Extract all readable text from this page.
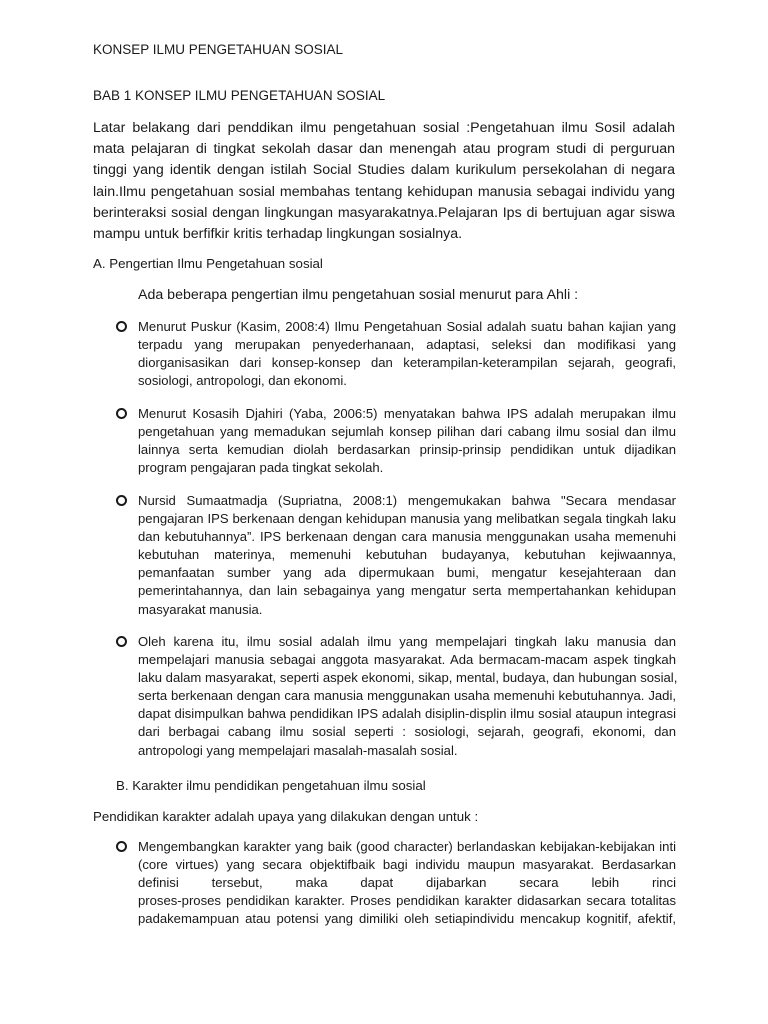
KONSEP ILMU PENGETAHUAN SOSIAL
BAB 1 KONSEP ILMU PENGETAHUAN SOSIAL
Latar belakang dari penddikan ilmu pengetahuan sosial :Pengetahuan ilmu Sosil adalah
mata pelajaran di tingkat sekolah dasar dan menengah atau program studi di perguruan
tinggi yang identik dengan istilah Social Studies dalam kurikulum persekolahan di negara
lain.Ilmu pengetahuan sosial membahas tentang kehidupan manusia sebagai individu yang
berinteraksi sosial dengan lingkungan masyarakatnya.Pelajaran Ips di bertujuan agar siswa
mampu untuk berfifkir kritis terhadap lingkungan sosialnya.
A. Pengertian Ilmu Pengetahuan sosial
Ada beberapa pengertian ilmu pengetahuan sosial menurut para Ahli :
Menurut Puskur (Kasim, 2008:4) Ilmu Pengetahuan Sosial adalah suatu bahan kajian yang
terpadu yang merupakan penyederhanaan, adaptasi, seleksi dan modifikasi yang
diorganisasikan dari konsep-konsep dan keterampilan-keterampilan sejarah, geografi,
sosiologi, antropologi, dan ekonomi.
Menurut Kosasih Djahiri (Yaba, 2006:5) menyatakan bahwa IPS adalah merupakan ilmu
pengetahuan yang memadukan sejumlah konsep pilihan dari cabang ilmu sosial dan ilmu
lainnya serta kemudian diolah berdasarkan prinsip-prinsip pendidikan untuk dijadikan
program pengajaran pada tingkat sekolah.
Nursid Sumaatmadja (Supriatna, 2008:1) mengemukakan bahwa "Secara mendasar
pengajaran IPS berkenaan dengan kehidupan manusia yang melibatkan segala tingkah laku
dan kebutuhannya”. IPS berkenaan dengan cara manusia menggunakan usaha memenuhi
kebutuhan materinya, memenuhi kebutuhan budayanya, kebutuhan kejiwaannya,
pemanfaatan sumber yang ada dipermukaan bumi, mengatur kesejahteraan dan
pemerintahannya, dan lain sebagainya yang mengatur serta mempertahankan kehidupan
masyarakat manusia.
Oleh karena itu, ilmu sosial adalah ilmu yang mempelajari tingkah laku manusia dan
mempelajari manusia sebagai anggota masyarakat. Ada bermacam-macam aspek tingkah
laku dalam masyarakat, seperti aspek ekonomi, sikap, mental, budaya, dan hubungan sosial,
serta berkenaan dengan cara manusia menggunakan usaha memenuhi kebutuhannya. Jadi,
dapat disimpulkan bahwa pendidikan IPS adalah disiplin-displin ilmu sosial ataupun integrasi
dari berbagai cabang ilmu sosial seperti : sosiologi, sejarah, geografi, ekonomi, dan
antropologi yang mempelajari masalah-masalah sosial.
B. Karakter ilmu pendidikan pengetahuan ilmu sosial
Pendidikan karakter adalah upaya yang dilakukan dengan untuk :
Mengembangkan karakter yang baik (good character) berlandaskan kebijakan-kebijakan inti
(core virtues) yang secara objektifbaik bagi individu maupun masyarakat. Berdasarkan
definisi tersebut, maka dapat dijabarkan secara lebih rinci
proses-proses pendidikan karakter. Proses pendidikan karakter didasarkan secara totalitas
padakemampuan atau potensi yang dimiliki oleh setiapindividu mencakup kognitif, afektif,
